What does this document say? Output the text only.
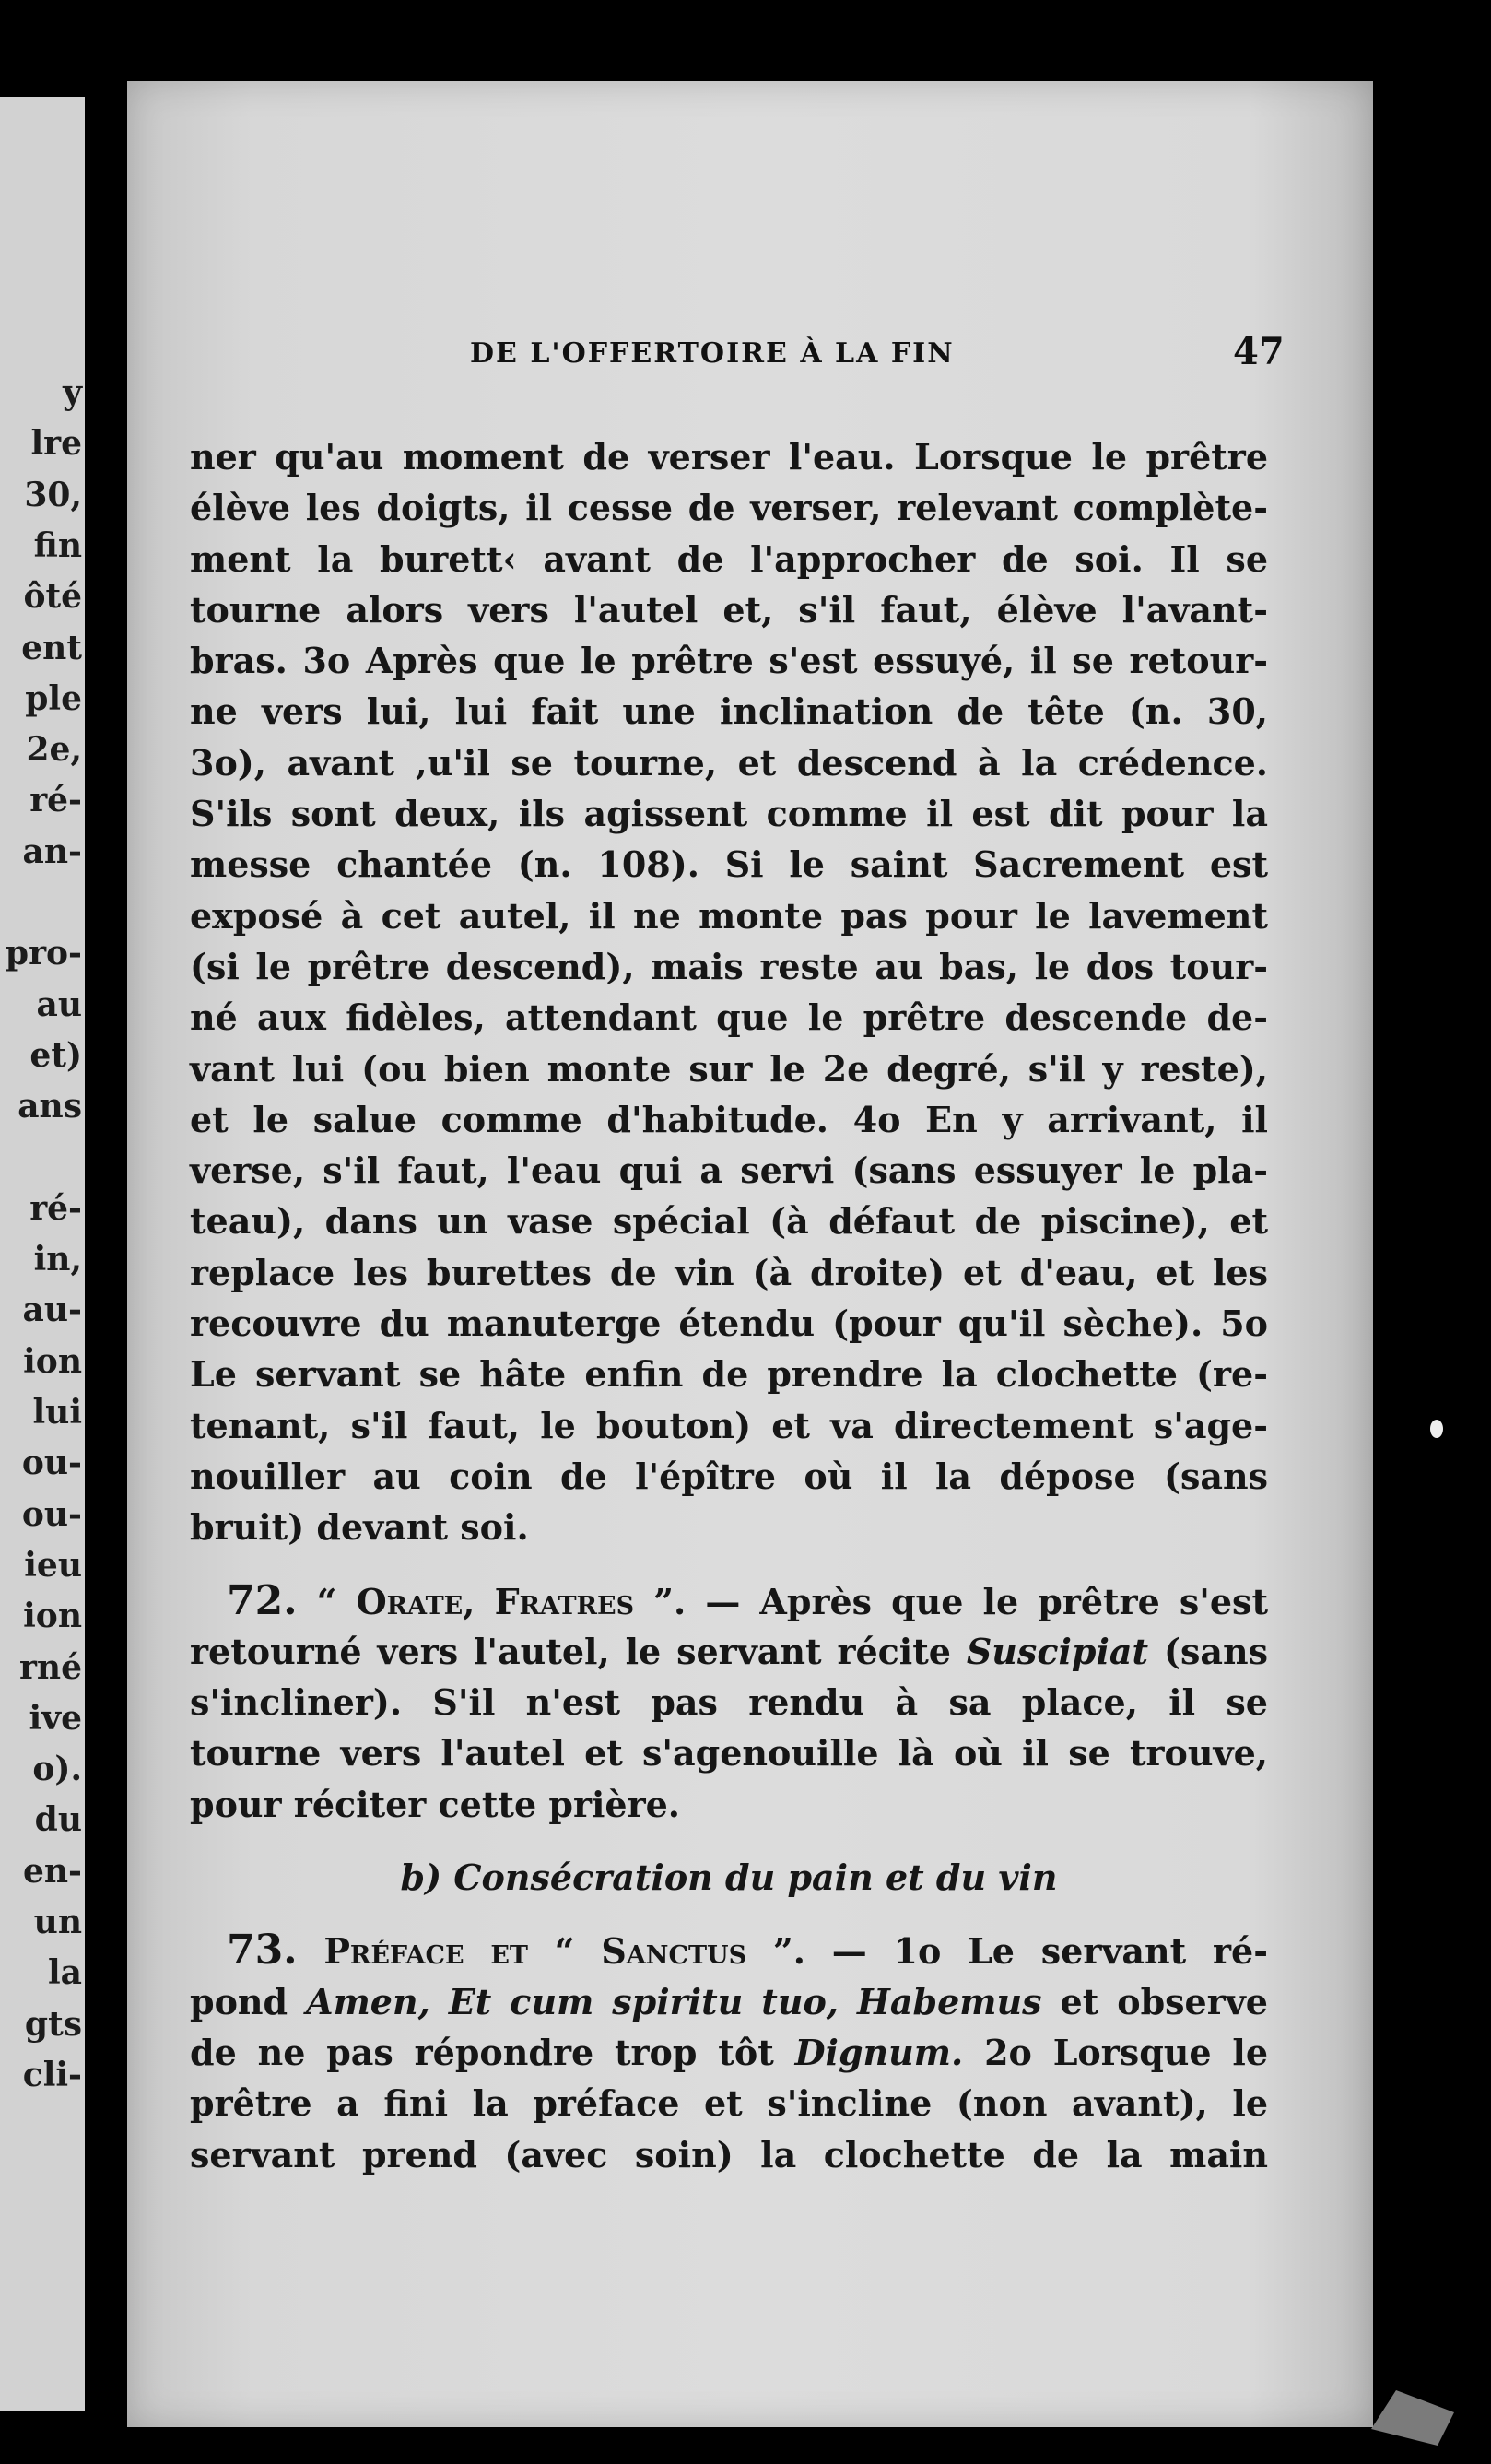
y
lre
30,
fin
ôté
ent
ple
2e,
ré-
an-
pro-
au
et)
ans
ré-
in,
au-
ion
lui
ou-
ou-
ieu
ion
rné
ive
o).
du
en-
un
la
gts
cli-
DE L'OFFERTOIRE À LA FIN	47
ner qu'au moment de verser l'eau. Lorsque le prêtre
élève les doigts, il cesse de verser, relevant complète-
ment la burett‹ avant de l'approcher de soi. Il se
tourne alors vers l'autel et, s'il faut, élève l'avant-
bras. 3o Après que le prêtre s'est essuyé, il se retour-
ne vers lui, lui fait une inclination de tête (n. 30,
3o), avant ‚u'il se tourne, et descend à la crédence.
S'ils sont deux, ils agissent comme il est dit pour la
messe chantée (n. 108). Si le saint Sacrement est
exposé à cet autel, il ne monte pas pour le lavement
(si le prêtre descend), mais reste au bas, le dos tour-
né aux fidèles, attendant que le prêtre descende de-
vant lui (ou bien monte sur le 2e degré, s'il y reste),
et le salue comme d'habitude. 4o En y arrivant, il
verse, s'il faut, l'eau qui a servi (sans essuyer le pla-
teau), dans un vase spécial (à défaut de piscine), et
replace les burettes de vin (à droite) et d'eau, et les
recouvre du manuterge étendu (pour qu'il sèche). 5o
Le servant se hâte enfin de prendre la clochette (re-
tenant, s'il faut, le bouton) et va directement s'age-
nouiller au coin de l'épître où il la dépose (sans
bruit) devant soi.
72. “ Orate, Fratres ”. — Après que le prêtre s'est
retourné vers l'autel, le servant récite Suscipiat (sans
s'incliner). S'il n'est pas rendu à sa place, il se
tourne vers l'autel et s'agenouille là où il se trouve,
pour réciter cette prière.
b) Consécration du pain et du vin
73. Préface et “ Sanctus ”. — 1o Le servant ré-
pond Amen, Et cum spiritu tuo, Habemus et observe
de ne pas répondre trop tôt Dignum. 2o Lorsque le
prêtre a fini la préface et s'incline (non avant), le
servant prend (avec soin) la clochette de la main
